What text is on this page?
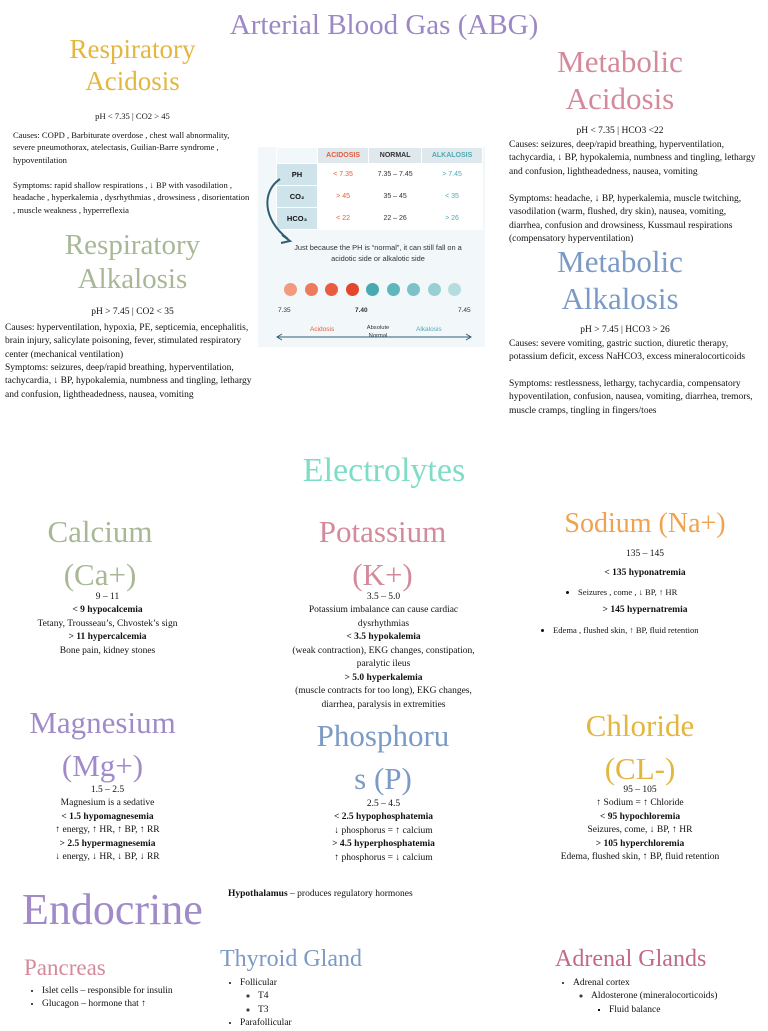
Arterial Blood Gas (ABG)
Respiratory Acidosis
pH < 7.35 | CO2 > 45
Causes: COPD , Barbiturate overdose , chest wall abnormality, severe pneumothorax, atelectasis, Guilian-Barre syndrome , hypoventilation
Symptoms: rapid shallow respirations , ↓ BP with vasodilation , headache , hyperkalemia , dysrhythmias , drowsiness , disorientation , muscle weakness , hyperreflexia
Respiratory Alkalosis
pH > 7.45 | CO2 < 35
Causes: hyperventilation, hypoxia, PE, septicemia, encephalitis, brain injury, salicylate poisoning, fever, stimulated respiratory center (mechanical ventilation)
Symptoms: seizures, deep/rapid breathing, hyperventilation, tachycardia, ↓ BP, hypokalemia, numbness and tingling, lethargy and confusion, lightheadedness, nausea, vomiting
	ACIDOSIS	NORMAL	ALKALOSIS
PH	< 7.35	7.35 – 7.45	> 7.45
CO₂	> 45	35 – 45	< 35
HCO₃	< 22	22 – 26	> 26
Just because the PH is “normal”, it can still fall on a acidotic side or alkalotic side
7.35	7.40	7.45
Acidosis	Absolute Normal
Alkalosis
Metabolic Acidosis
pH < 7.35 | HCO3 <22
Causes: seizures, deep/rapid breathing, hyperventilation, tachycardia, ↓ BP, hypokalemia, numbness and tingling, lethargy and confusion, lightheadedness, nausea, vomiting
Symptoms: headache, ↓ BP, hyperkalemia, muscle twitching, vasodilation (warm, flushed, dry skin), nausea, vomiting, diarrhea, confusion and drowsiness, Kussmaul respirations (compensatory hyperventilation)
Metabolic Alkalosis
pH > 7.45 | HCO3 > 26
Causes: severe vomiting, gastric suction, diuretic therapy, potassium deficit, excess NaHCO3, excess mineralocorticoids
Symptoms: restlessness, lethargy, tachycardia, compensatory hypoventilation, confusion, nausea, vomiting, diarrhea, tremors, muscle cramps, tingling in fingers/toes
Electrolytes
Calcium (Ca+)
9 – 11
< 9 hypocalcemia
Tetany, Trousseau’s, Chvostek’s sign
> 11 hypercalcemia
Bone pain, kidney stones
Potassium (K+)
3.5 – 5.0
Potassium imbalance can cause cardiac dysrhythmias
< 3.5 hypokalemia
(weak contraction), EKG changes, constipation, paralytic ileus
> 5.0 hyperkalemia
(muscle contracts for too long), EKG changes, diarrhea, paralysis in extremities
Sodium (Na+)
135 – 145
< 135 hyponatremia
• Seizures , come , ↓ BP, ↑ HR
> 145 hypernatremia
• Edema , flushed skin, ↑ BP, fluid retention
Magnesium (Mg+)
1.5 – 2.5
Magnesium is a sedative
< 1.5 hypomagnesemia
↑ energy, ↑ HR, ↑ BP, ↑ RR
> 2.5 hypermagnesemia
↓ energy, ↓ HR, ↓ BP, ↓ RR
Phosphoru
s (P)
2.5 – 4.5
< 2.5 hypophosphatemia
↓ phosphorus = ↑ calcium
> 4.5 hyperphosphatemia
↑ phosphorus = ↓ calcium
Chloride (CL-)
95 – 105
↑ Sodium = ↑ Chloride
< 95 hypochloremia
Seizures, come, ↓ BP, ↑ HR
> 105 hyperchloremia
Edema, flushed skin, ↑ BP, fluid retention
Endocrine	Hypothalamus – produces regulatory hormones
Pancreas
• Islet cells – responsible for insulin
• Glucagon – hormone that ↑
Thyroid Gland
• Follicular
◦ T4
◦ T3
• Parafollicular
Adrenal Glands
• Adrenal cortex
◦ Aldosterone (mineralocorticoids)
▪ Fluid balance
